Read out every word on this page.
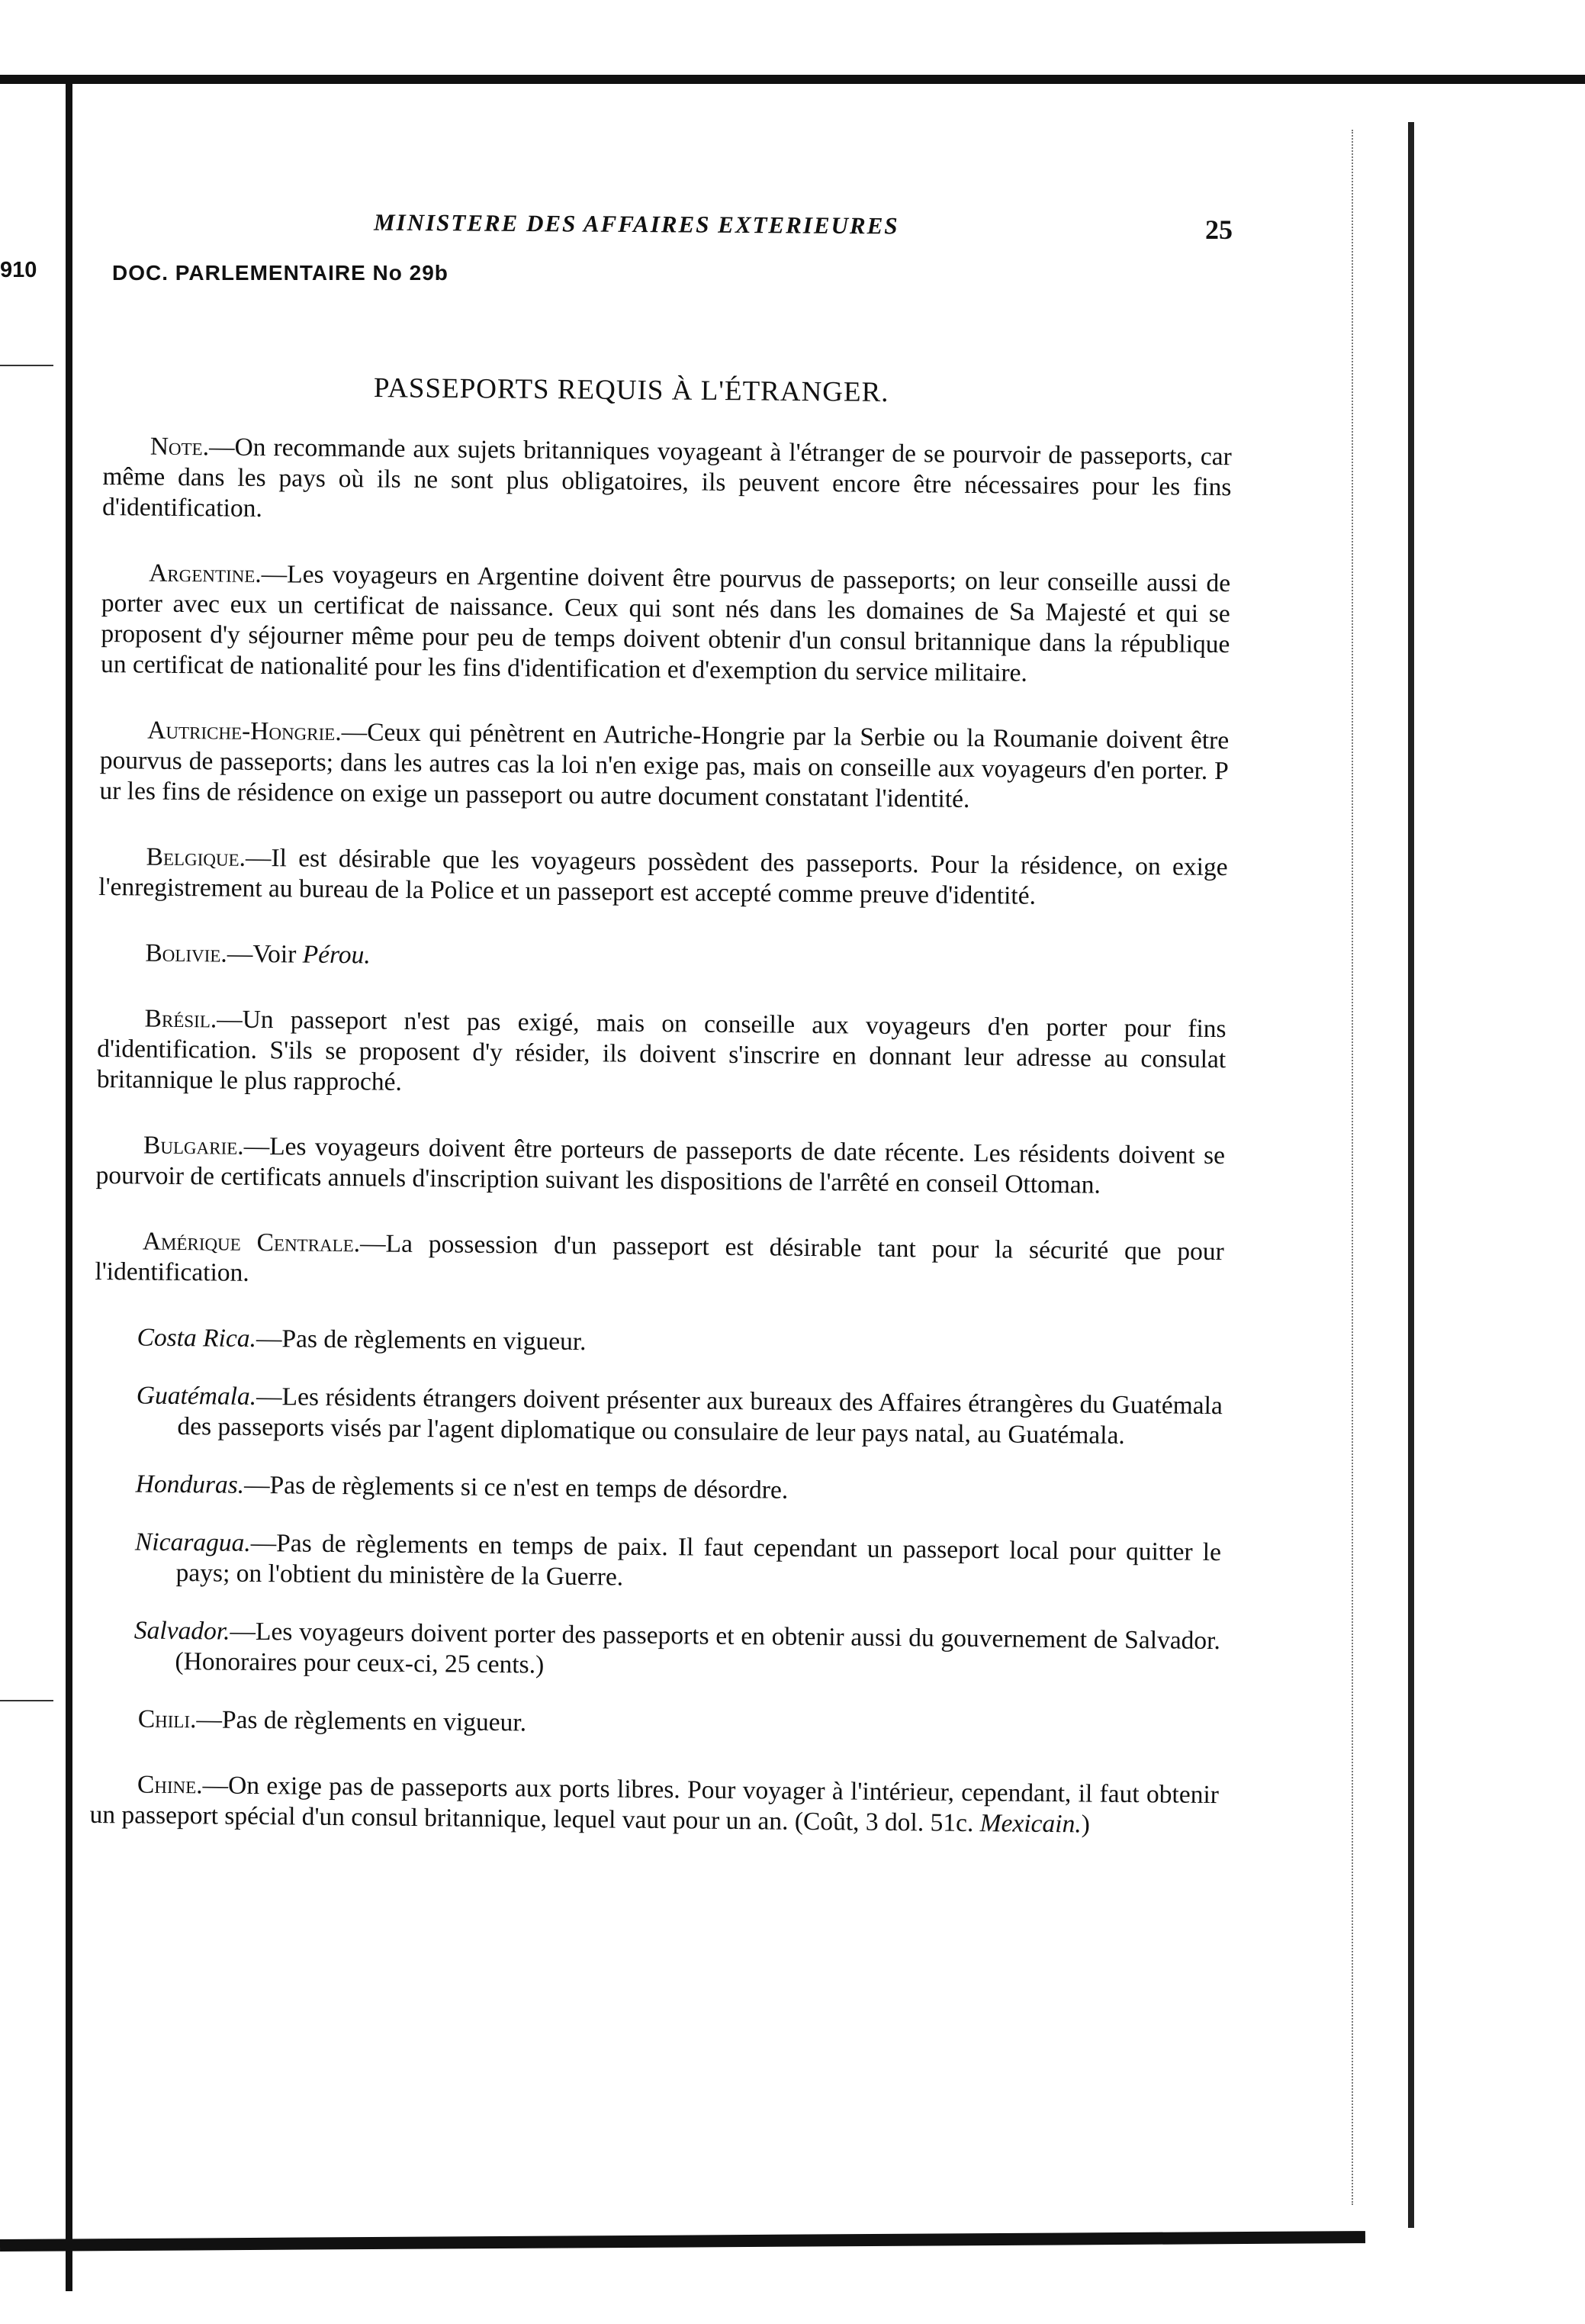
910
MINISTERE DES AFFAIRES EXTERIEURES	25
DOC. PARLEMENTAIRE No 29b
PASSEPORTS REQUIS À L'ÉTRANGER.

Note.—On recommande aux sujets britanniques voyageant à l'étranger de se pourvoir de passeports, car même dans les pays où ils ne sont plus obligatoires, ils peuvent encore être nécessaires pour les fins d'identification.

Argentine.—Les voyageurs en Argentine doivent être pourvus de passeports; on leur conseille aussi de porter avec eux un certificat de naissance. Ceux qui sont nés dans les domaines de Sa Majesté et qui se proposent d'y séjourner même pour peu de temps doivent obtenir d'un consul britannique dans la république un certificat de nationalité pour les fins d'identification et d'exemption du service militaire.

Autriche-Hongrie.—Ceux qui pénètrent en Autriche-Hongrie par la Serbie ou la Roumanie doivent être pourvus de passeports; dans les autres cas la loi n'en exige pas, mais on conseille aux voyageurs d'en porter. P ur les fins de résidence on exige un passeport ou autre document constatant l'identité.

Belgique.—Il est désirable que les voyageurs possèdent des passeports. Pour la résidence, on exige l'enregistrement au bureau de la Police et un passeport est accepté comme preuve d'identité.

Bolivie.—Voir Pérou.

Brésil.—Un passeport n'est pas exigé, mais on conseille aux voyageurs d'en porter pour fins d'identification. S'ils se proposent d'y résider, ils doivent s'inscrire en donnant leur adresse au consulat britannique le plus rapproché.

Bulgarie.—Les voyageurs doivent être porteurs de passeports de date récente. Les résidents doivent se pourvoir de certificats annuels d'inscription suivant les dispositions de l'arrêté en conseil Ottoman.

Amérique Centrale.—La possession d'un passeport est désirable tant pour la sécurité que pour l'identification.

Costa Rica.—Pas de règlements en vigueur.

Guatémala.—Les résidents étrangers doivent présenter aux bureaux des Affaires étrangères du Guatémala des passeports visés par l'agent diplomatique ou consulaire de leur pays natal, au Guatémala.

Honduras.—Pas de règlements si ce n'est en temps de désordre.

Nicaragua.—Pas de règlements en temps de paix. Il faut cependant un passeport local pour quitter le pays; on l'obtient du ministère de la Guerre.

Salvador.—Les voyageurs doivent porter des passeports et en obtenir aussi du gouvernement de Salvador. (Honoraires pour ceux-ci, 25 cents.)

Chili.—Pas de règlements en vigueur.

Chine.—On exige pas de passeports aux ports libres. Pour voyager à l'intérieur, cependant, il faut obtenir un passeport spécial d'un consul britannique, lequel vaut pour un an. (Coût, 3 dol. 51c. Mexicain.)
